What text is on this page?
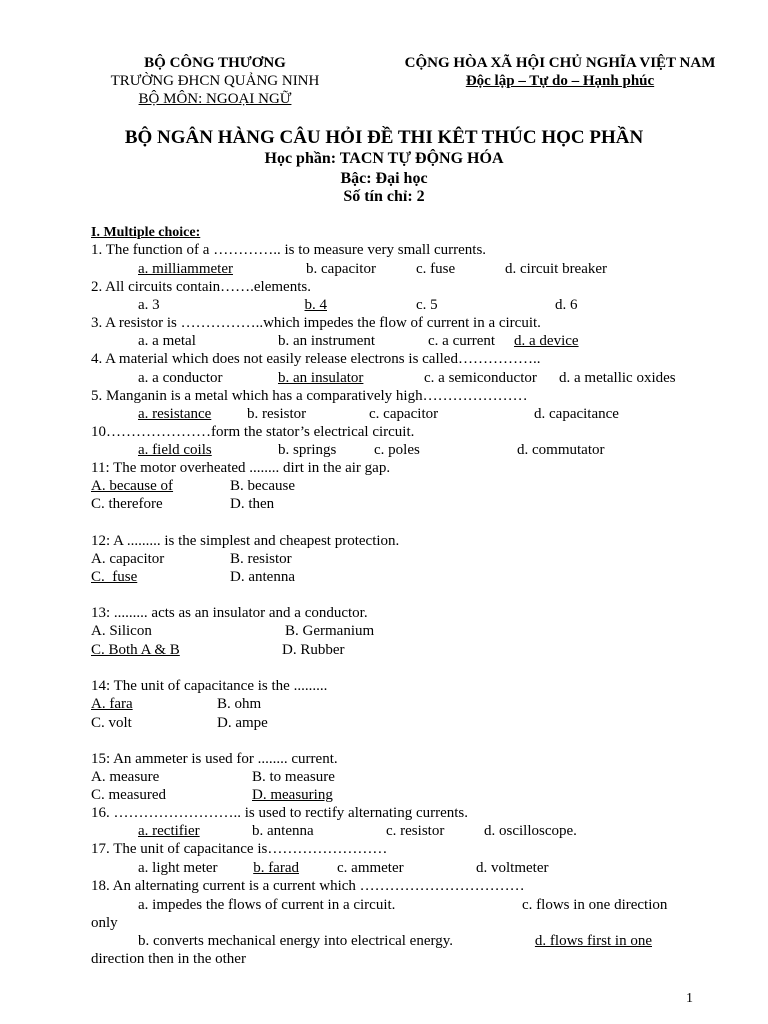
BỘ CÔNG THƯƠNG
TRƯỜNG ĐHCN QUẢNG NINH
BỘ MÔN: NGOẠI NGỮ
CỘNG HÒA XÃ HỘI CHỦ NGHĨA VIỆT NAM
Độc lập – Tự do – Hạnh phúc
BỘ NGÂN HÀNG CÂU HỎI ĐỀ THI KÊT THÚC HỌC PHẦN
Học phần: TACN TỰ ĐỘNG HÓA
Bậc: Đại học
Số tín chỉ: 2
I. Multiple choice:
1. The function of a ………….. is to measure very small currents.
a. milliammeter	b. capacitor	c. fuse	d. circuit breaker
2. All circuits contain…….elements.
a. 3	b. 4	c. 5	d. 6
3. A resistor is ……………..which impedes the flow of current in a circuit.
a. a metal	b. an instrument	c. a current d. a device
4. A material which does not easily release electrons is called……………..
a. a conductor	b. an insulator	c. a semiconductor d. a metallic oxides
5. Manganin is a metal which has a comparatively high…………………
a. resistance b. resistor	c. capacitor	d. capacitance
10…………………form the stator’s electrical circuit.
a. field coils	b. springs	c. poles	d. commutator
11: The motor overheated ........ dirt in the air gap.
A. because of	B. because
C. therefore	D. then
12: A ......... is the simplest and cheapest protection.
A. capacitor	B. resistor
C.  fuse	D. antenna
13: ......... acts as an insulator and a conductor.
A. Silicon	B. Germanium
C. Both A & B	D. Rubber
14: The unit of capacitance is the .........
A. fara	B. ohm
C. volt	D. ampe
15: An ammeter is used for ........ current.
A. measure	B. to measure
C. measured	D. measuring
16. …………………….. is used to rectify alternating currents.
a. rectifier	b. antenna	c. resistor	d. oscilloscope.
17. The unit of capacitance is……………………
a. light meter	b. farad	c. ammeter	d. voltmeter
18. An alternating current is a current which ……………………………
a. impedes the flows of current in a circuit.	c. flows in one direction
only
b. converts mechanical energy into electrical energy.	d. flows first in one
direction then in the other
1
